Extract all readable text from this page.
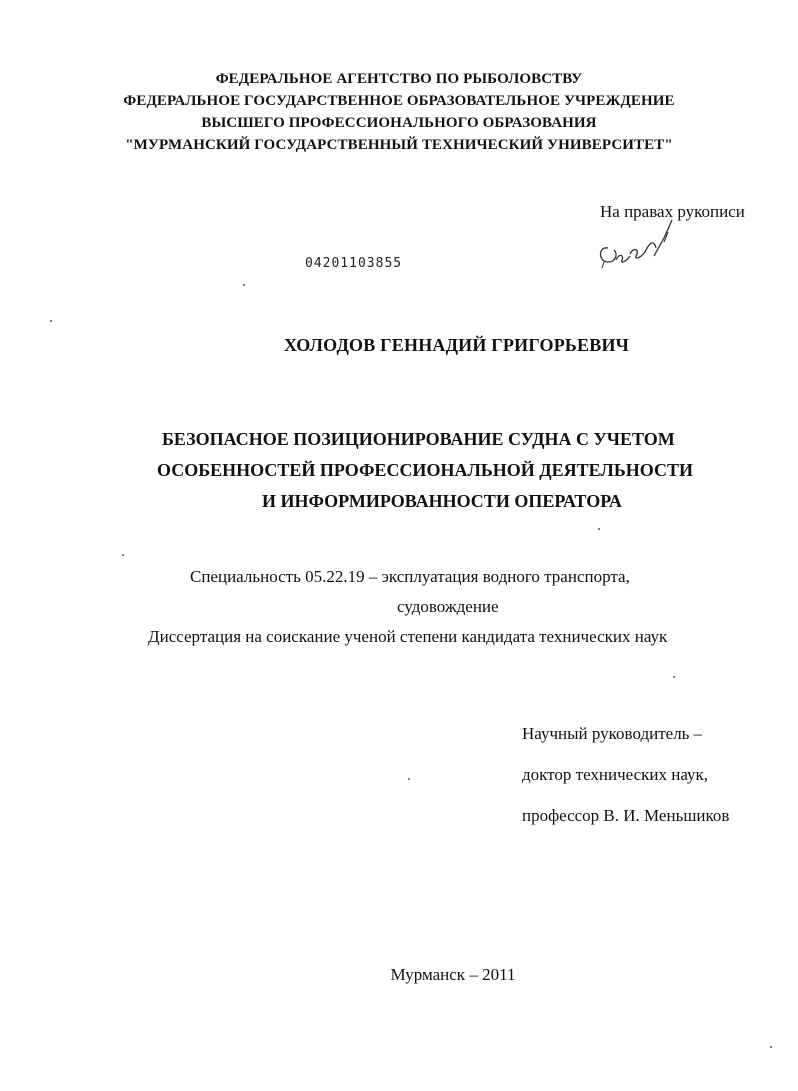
ФЕДЕРАЛЬНОЕ АГЕНТСТВО ПО РЫБОЛОВСТВУ
ФЕДЕРАЛЬНОЕ ГОСУДАРСТВЕННОЕ ОБРАЗОВАТЕЛЬНОЕ УЧРЕЖДЕНИЕ
ВЫСШЕГО ПРОФЕССИОНАЛЬНОГО ОБРАЗОВАНИЯ
"МУРМАНСКИЙ ГОСУДАРСТВЕННЫЙ ТЕХНИЧЕСКИЙ УНИВЕРСИТЕТ"
На правах рукописи
04201103855
ХОЛОДОВ ГЕННАДИЙ ГРИГОРЬЕВИЧ
БЕЗОПАСНОЕ ПОЗИЦИОНИРОВАНИЕ СУДНА С УЧЕТОМ
ОСОБЕННОСТЕЙ ПРОФЕССИОНАЛЬНОЙ ДЕЯТЕЛЬНОСТИ
И ИНФОРМИРОВАННОСТИ ОПЕРАТОРА
Специальность 05.22.19 – эксплуатация водного транспорта,
судовождение
Диссертация на соискание ученой степени кандидата технических наук
Научный руководитель –
доктор технических наук,
профессор В. И. Меньшиков
Мурманск – 2011
